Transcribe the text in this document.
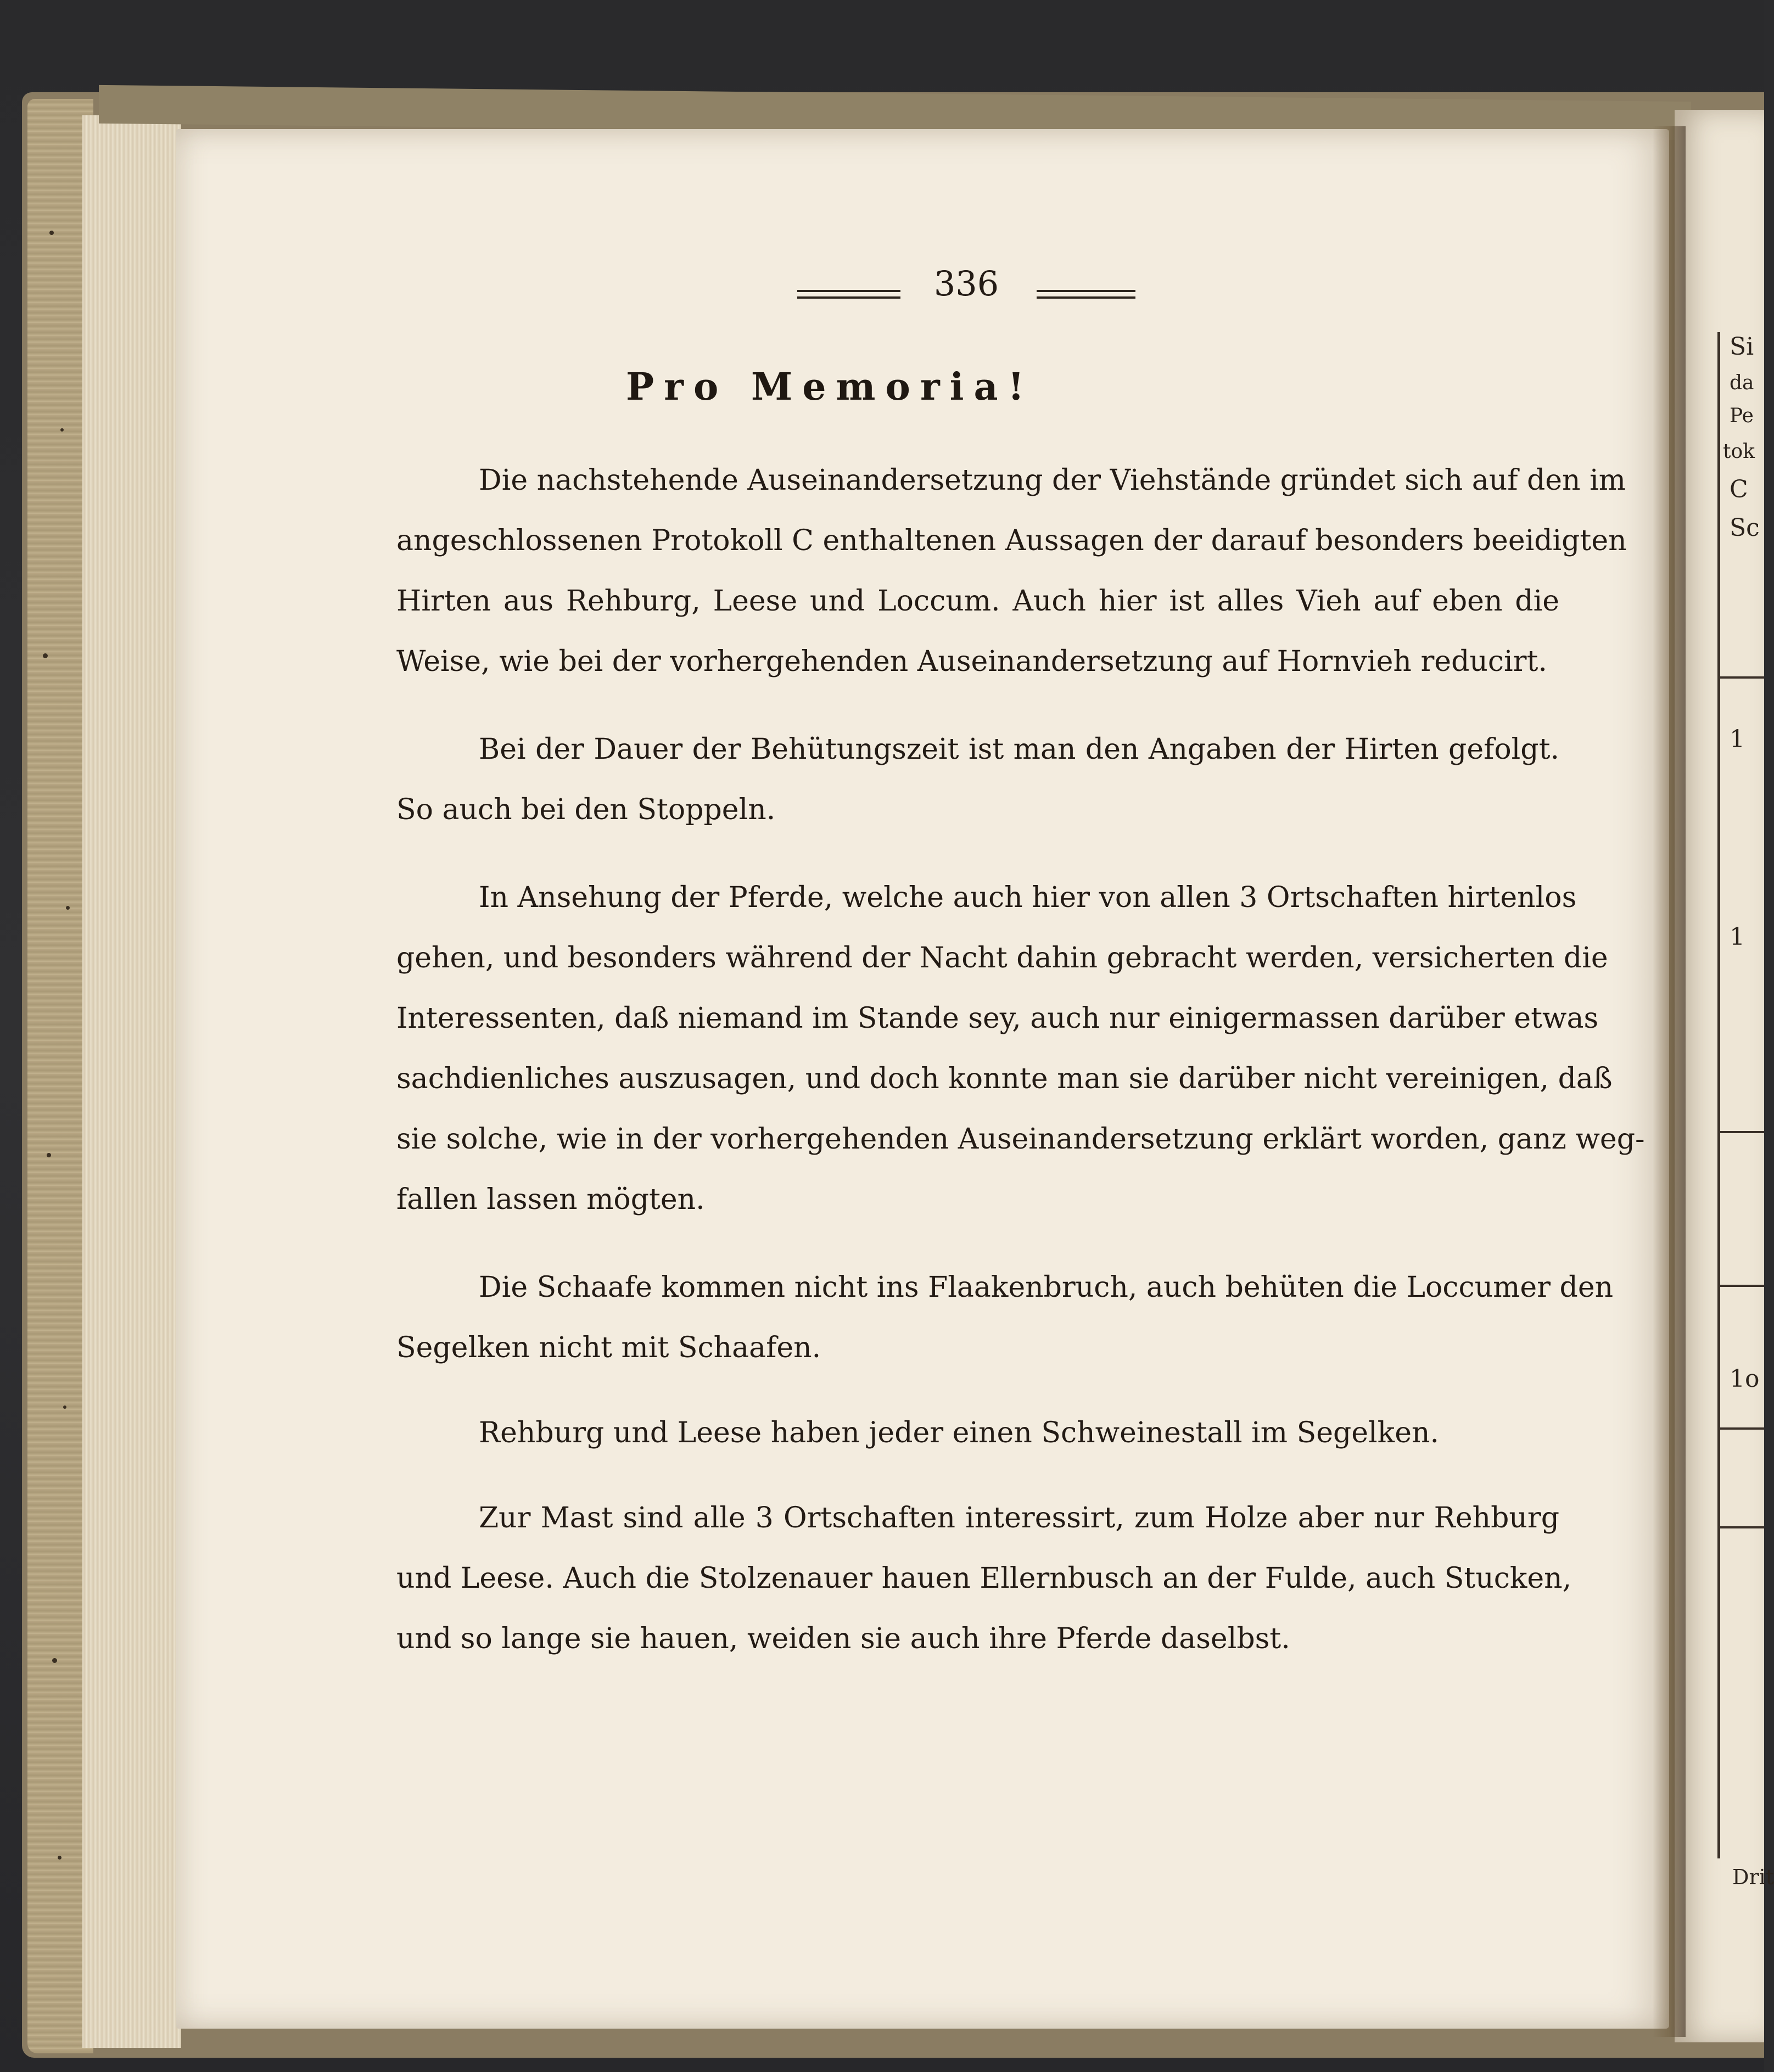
336
Pro Memoria!
Die nachstehende Auseinandersetzung der Viehstände gründet sich auf den im
angeschlossenen Protokoll C enthaltenen Aussagen der darauf besonders beeidigten
Hirten aus Rehburg, Leese und Loccum. Auch hier ist alles Vieh auf eben die
Weise, wie bei der vorhergehenden Auseinandersetzung auf Hornvieh reducirt.
Bei der Dauer der Behütungszeit ist man den Angaben der Hirten gefolgt.
So auch bei den Stoppeln.
In Ansehung der Pferde, welche auch hier von allen 3 Ortschaften hirtenlos
gehen, und besonders während der Nacht dahin gebracht werden, versicherten die
Interessenten, daß niemand im Stande sey, auch nur einigermassen darüber etwas
sachdienliches auszusagen, und doch konnte man sie darüber nicht vereinigen, daß
sie solche, wie in der vorhergehenden Auseinandersetzung erklärt worden, ganz weg-
fallen lassen mögten.
Die Schaafe kommen nicht ins Flaakenbruch, auch behüten die Loccumer den
Segelken nicht mit Schaafen.
Rehburg und Leese haben jeder einen Schweinestall im Segelken.
Zur Mast sind alle 3 Ortschaften interessirt, zum Holze aber nur Rehburg
und Leese. Auch die Stolzenauer hauen Ellernbusch an der Fulde, auch Stucken,
und so lange sie hauen, weiden sie auch ihre Pferde daselbst.
Si
da
Pe
tok
C
Sc
1
1
1o
Drit
